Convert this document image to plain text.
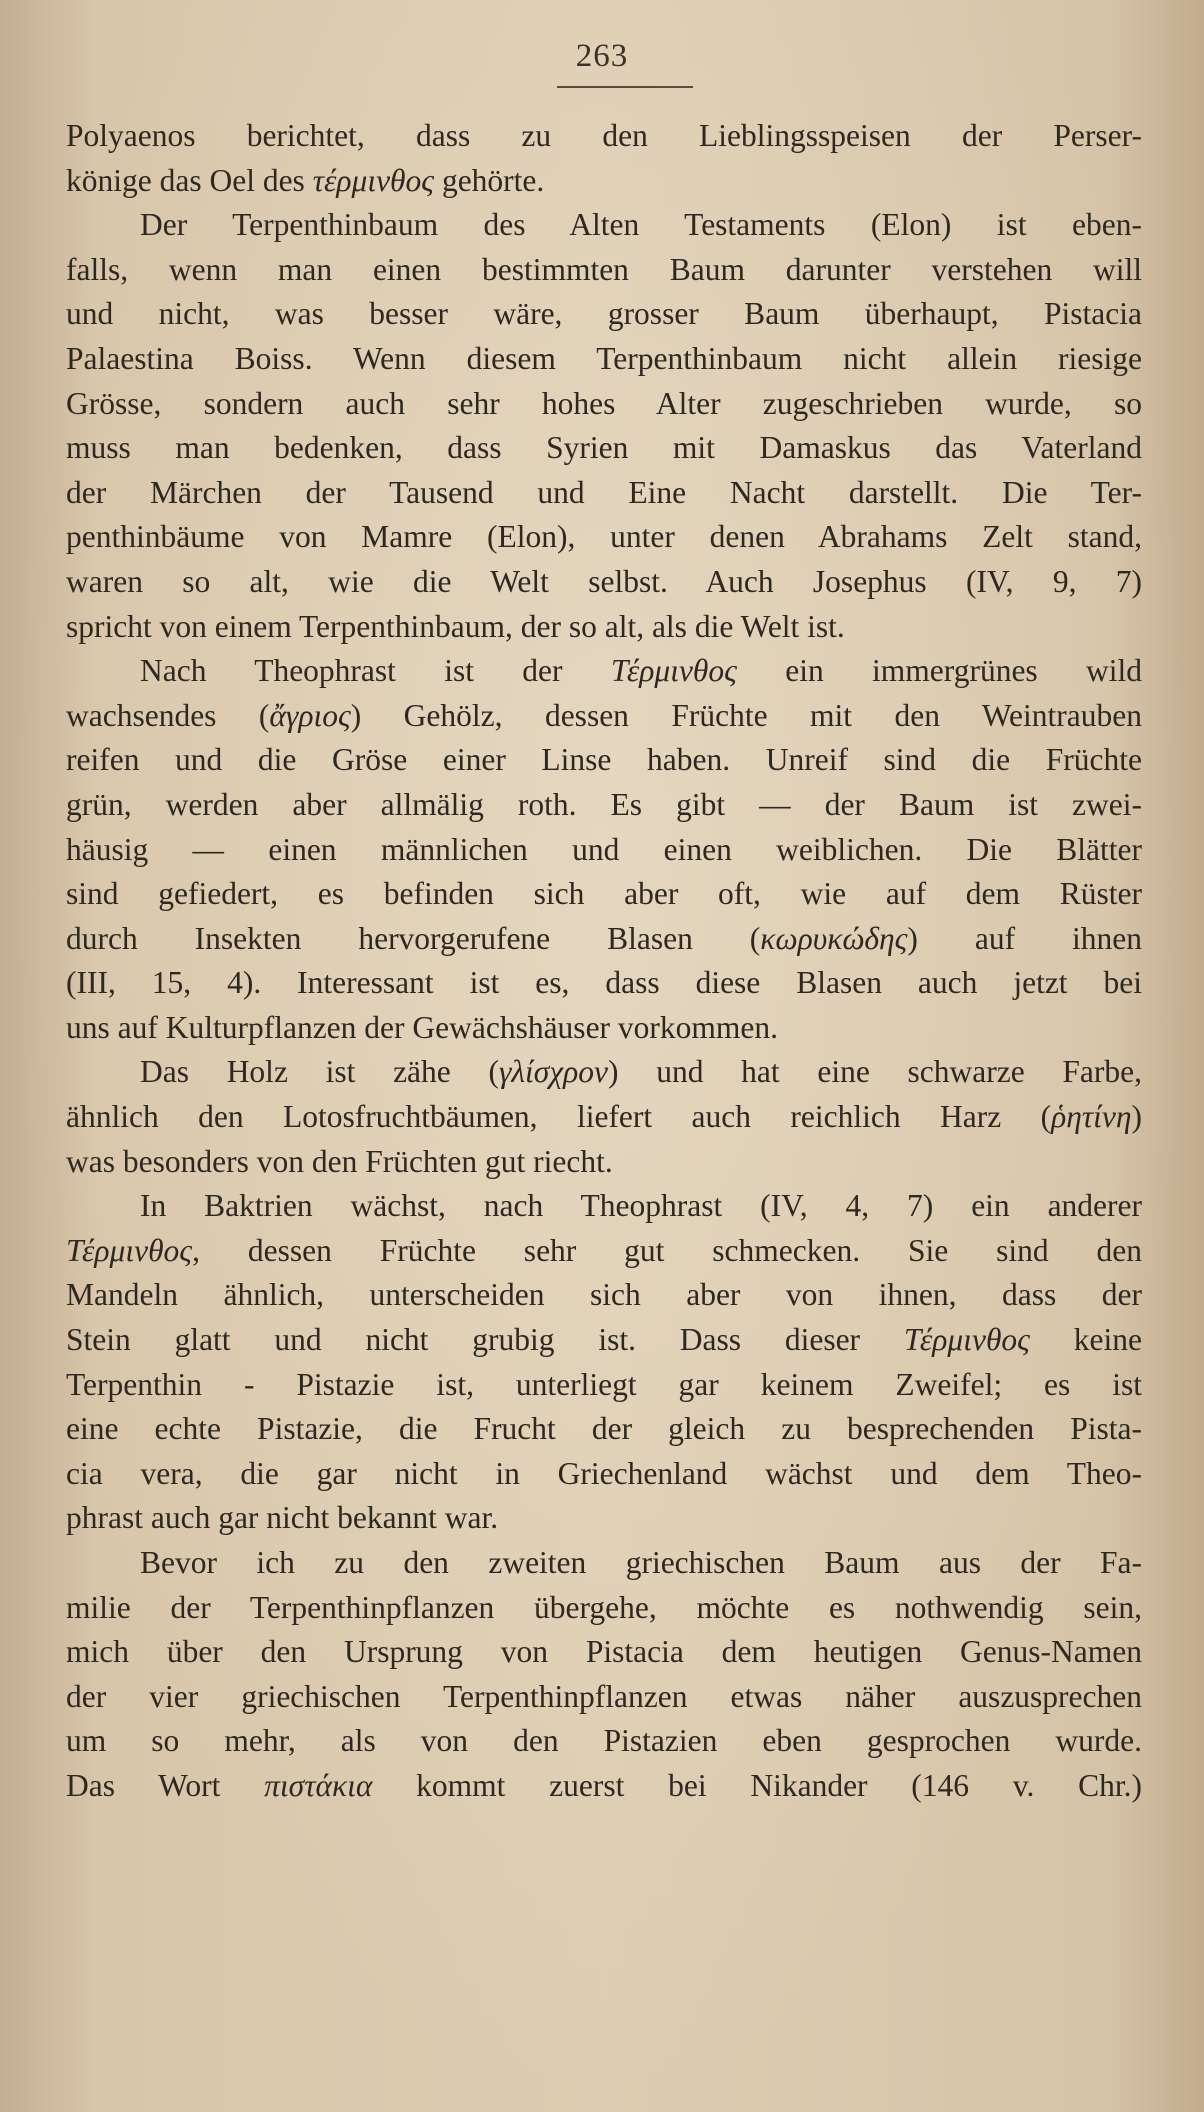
263
Polyaenos berichtet, dass zu den Lieblingsspeisen der Perser-
könige das Oel des τέρμινθος gehörte.
Der Terpenthinbaum des Alten Testaments (Elon) ist eben-
falls, wenn man einen bestimmten Baum darunter verstehen will
und nicht, was besser wäre, grosser Baum überhaupt, Pistacia
Palaestina Boiss. Wenn diesem Terpenthinbaum nicht allein riesige
Grösse, sondern auch sehr hohes Alter zugeschrieben wurde, so
muss man bedenken, dass Syrien mit Damaskus das Vaterland
der Märchen der Tausend und Eine Nacht darstellt. Die Ter-
penthinbäume von Mamre (Elon), unter denen Abrahams Zelt stand,
waren so alt, wie die Welt selbst. Auch Josephus (IV, 9, 7)
spricht von einem Terpenthinbaum, der so alt, als die Welt ist.
Nach Theophrast ist der Τέρμινθος ein immergrünes wild
wachsendes (ἄγριος) Gehölz, dessen Früchte mit den Weintrauben
reifen und die Gröse einer Linse haben. Unreif sind die Früchte
grün, werden aber allmälig roth. Es gibt — der Baum ist zwei-
häusig — einen männlichen und einen weiblichen. Die Blätter
sind gefiedert, es befinden sich aber oft, wie auf dem Rüster
durch Insekten hervorgerufene Blasen (κωρυκώδης) auf ihnen
(III, 15, 4). Interessant ist es, dass diese Blasen auch jetzt bei
uns auf Kulturpflanzen der Gewächshäuser vorkommen.
Das Holz ist zähe (γλίσχρον) und hat eine schwarze Farbe,
ähnlich den Lotosfruchtbäumen, liefert auch reichlich Harz (ῥητίνη)
was besonders von den Früchten gut riecht.
In Baktrien wächst, nach Theophrast (IV, 4, 7) ein anderer
Τέρμινθος, dessen Früchte sehr gut schmecken. Sie sind den
Mandeln ähnlich, unterscheiden sich aber von ihnen, dass der
Stein glatt und nicht grubig ist. Dass dieser Τέρμινθος keine
Terpenthin - Pistazie ist, unterliegt gar keinem Zweifel; es ist
eine echte Pistazie, die Frucht der gleich zu besprechenden Pista-
cia vera, die gar nicht in Griechenland wächst und dem Theo-
phrast auch gar nicht bekannt war.
Bevor ich zu den zweiten griechischen Baum aus der Fa-
milie der Terpenthinpflanzen übergehe, möchte es nothwendig sein,
mich über den Ursprung von Pistacia dem heutigen Genus-Namen
der vier griechischen Terpenthinpflanzen etwas näher auszusprechen
um so mehr, als von den Pistazien eben gesprochen wurde.
Das Wort πιστάκια kommt zuerst bei Nikander (146 v. Chr.)
